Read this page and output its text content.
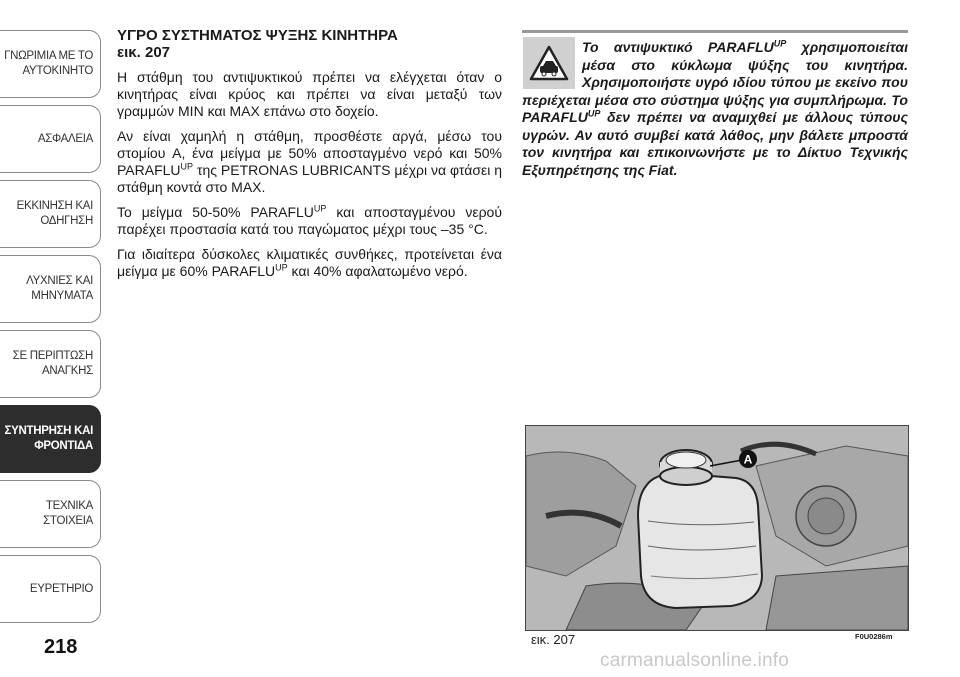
ΓΝΩΡΙΜΙΑ ΜΕ ΤΟ
ΑΥΤΟΚΙΝΗΤΟ
ΑΣΦΑΛΕΙΑ
ΕΚΚΙΝΗΣΗ ΚΑΙ
ΟΔΗΓΗΣΗ
ΛΥΧΝΙΕΣ ΚΑΙ
ΜΗΝΥΜΑΤΑ
ΣΕ ΠΕΡΙΠΤΩΣΗ
ΑΝΑΓΚΗΣ
ΣΥΝΤΗΡΗΣΗ ΚΑΙ
ΦΡΟΝΤΙΔΑ
ΤΕΧΝΙΚΑ ΣΤΟΙΧΕΙΑ
ΕΥΡΕΤΗΡΙΟ
218

ΥΓΡΟ ΣΥΣΤΗΜΑΤΟΣ ΨΥΞΗΣ ΚΙΝΗΤΗΡΑ

εικ. 207

Η στάθμη του αντιψυκτικού πρέπει να ελέγχεται όταν ο κινητήρας είναι κρύος και πρέπει να είναι μεταξύ των γραμμών MIN και MAX επάνω στο δοχείο.

Αν είναι χαμηλή η στάθμη, προσθέστε αργά, μέσω του στομίου A, ένα μείγμα με 50% αποσταγμένο νερό και 50% $PARAFLU^{UP}$ της PETRONAS LUBRICANTS μέχρι να φτάσει η στάθμη κοντά στο MAX.

Το μείγμα 50-50% $PARAFLU^{UP}$ και αποσταγμένου νερού παρέχει προστασία κατά του παγώματος μέχρι τους –35 °C.

Για ιδιαίτερα δύσκολες κλιματικές συνθήκες, προτείνεται ένα μείγμα με 60% $PARAFLU^{UP}$ και 40% αφαλατωμένο νερό.

Το αντιψυκτικό $PARAFLU^{UP}$ χρησιμοποιείται μέσα στο κύκλωμα ψύξης του κινητήρα. Χρησιμοποιήστε υγρό ιδίου τύπου με εκείνο που περιέχεται μέσα στο σύστημα ψύξης για συμπλήρωμα. Το $PARAFLU^{UP}$ δεν πρέπει να αναμιχθεί με άλλους τύπους υγρών. Αν αυτό συμβεί κατά λάθος, μην βάλετε μπροστά τον κινητήρα και επικοινωνήστε με το Δίκτυο Τεχνικής Εξυπηρέτησης της Fiat.
A
εικ. 207	F0U0286m
carmanualsonline.info
